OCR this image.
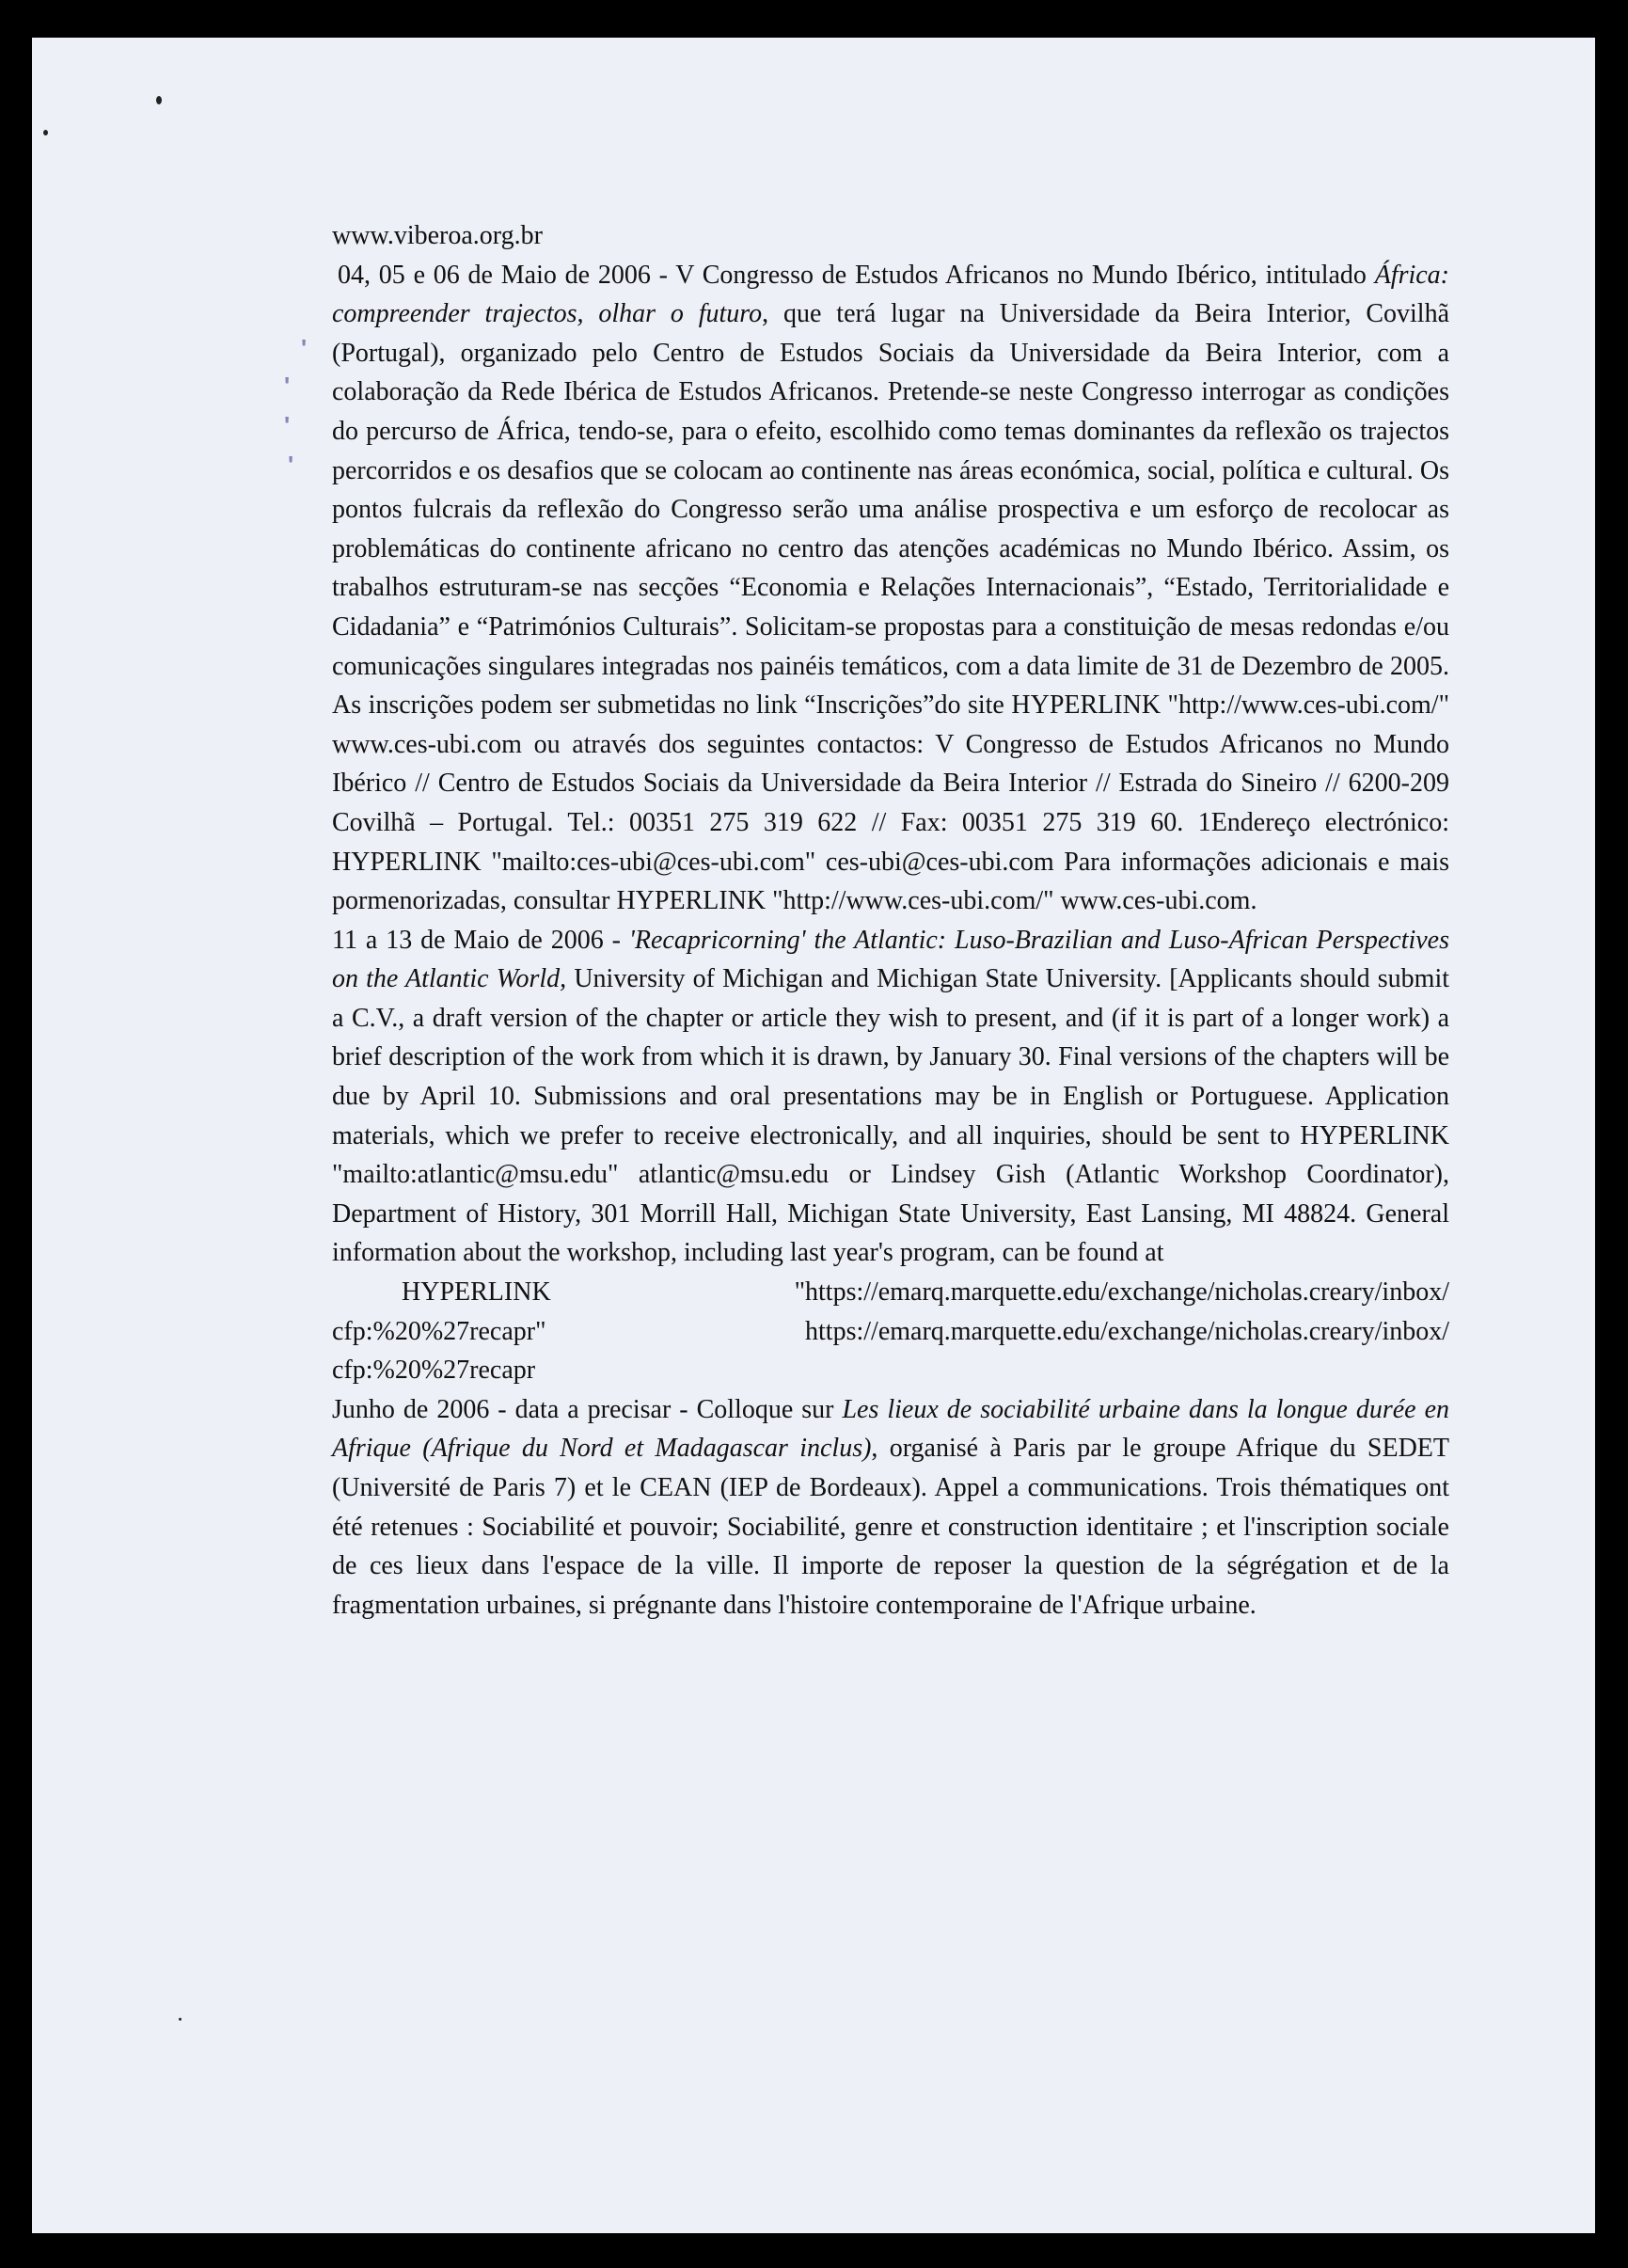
'
'
'
'

www.viberoa.org.br

04, 05 e 06 de Maio de 2006 - V Congresso de Estudos Africanos no Mundo Ibérico, intitulado África: compreender trajectos, olhar o futuro, que terá lugar na Universidade da Beira Interior, Covilhã (Portugal), organizado pelo Centro de Estudos Sociais da Universidade da Beira Interior, com a colaboração da Rede Ibérica de Estudos Africanos. Pretende-se neste Congresso interrogar as condições do percurso de África, tendo-se, para o efeito, escolhido como temas dominantes da reflexão os trajectos percorridos e os desafios que se colocam ao continente nas áreas económica, social, política e cultural. Os pontos fulcrais da reflexão do Congresso serão uma análise prospectiva e um esforço de recolocar as problemáticas do continente africano no centro das atenções académicas no Mundo Ibérico. Assim, os trabalhos estruturam-se nas secções “Economia e Relações Internacionais”, “Estado, Territorialidade e Cidadania” e “Patrimónios Culturais”. Solicitam-se propostas para a constituição de mesas redondas e/ou comunicações singulares integradas nos painéis temáticos, com a data limite de 31 de Dezembro de 2005. As inscrições podem ser submetidas no link “Inscrições”do site HYPERLINK "http://www.ces-ubi.com/" www.ces-ubi.com ou através dos seguintes contactos: V Congresso de Estudos Africanos no Mundo Ibérico // Centro de Estudos Sociais da Universidade da Beira Interior // Estrada do Sineiro // 6200-209 Covilhã – Portugal. Tel.: 00351 275 319 622 // Fax: 00351 275 319 60. 1Endereço electrónico: HYPERLINK "mailto:ces-ubi@ces-ubi.com" ces-ubi@ces-ubi.com Para informações adicionais e mais pormenorizadas, consultar HYPERLINK "http://www.ces-ubi.com/" www.ces-ubi.com.

11 a 13 de Maio de 2006 - 'Recapricorning' the Atlantic: Luso-Brazilian and Luso-African Perspectives on the Atlantic World, University of Michigan and Michigan State University. [Applicants should submit a C.V., a draft version of the chapter or article they wish to present, and (if it is part of a longer work) a brief description of the work from which it is drawn, by January 30. Final versions of the chapters will be due by April 10. Submissions and oral presentations may be in English or Portuguese. Application materials, which we prefer to receive electronically, and all inquiries, should be sent to HYPERLINK "mailto:atlantic@msu.edu" atlantic@msu.edu or Lindsey Gish (Atlantic Workshop Coordinator), Department of History, 301 Morrill Hall, Michigan State University, East Lansing, MI 48824. General information about the workshop, including last year's program, can be found at

HYPERLINK "https://emarq.marquette.edu/exchange/nicholas.creary/inbox/

cfp:%20%27recapr" https://emarq.marquette.edu/exchange/nicholas.creary/inbox/

cfp:%20%27recapr

Junho de 2006 - data a precisar - Colloque sur Les lieux de sociabilité urbaine dans la longue durée en Afrique (Afrique du Nord et Madagascar inclus), organisé à Paris par le groupe Afrique du SEDET (Université de Paris 7) et le CEAN (IEP de Bordeaux). Appel a communications. Trois thématiques ont été retenues : Sociabilité et pouvoir; Sociabilité, genre et construction identitaire ; et l'inscription sociale de ces lieux dans l'espace de la ville. Il importe de reposer la question de la ségrégation et de la fragmentation urbaines, si prégnante dans l'histoire contemporaine de l'Afrique urbaine.
